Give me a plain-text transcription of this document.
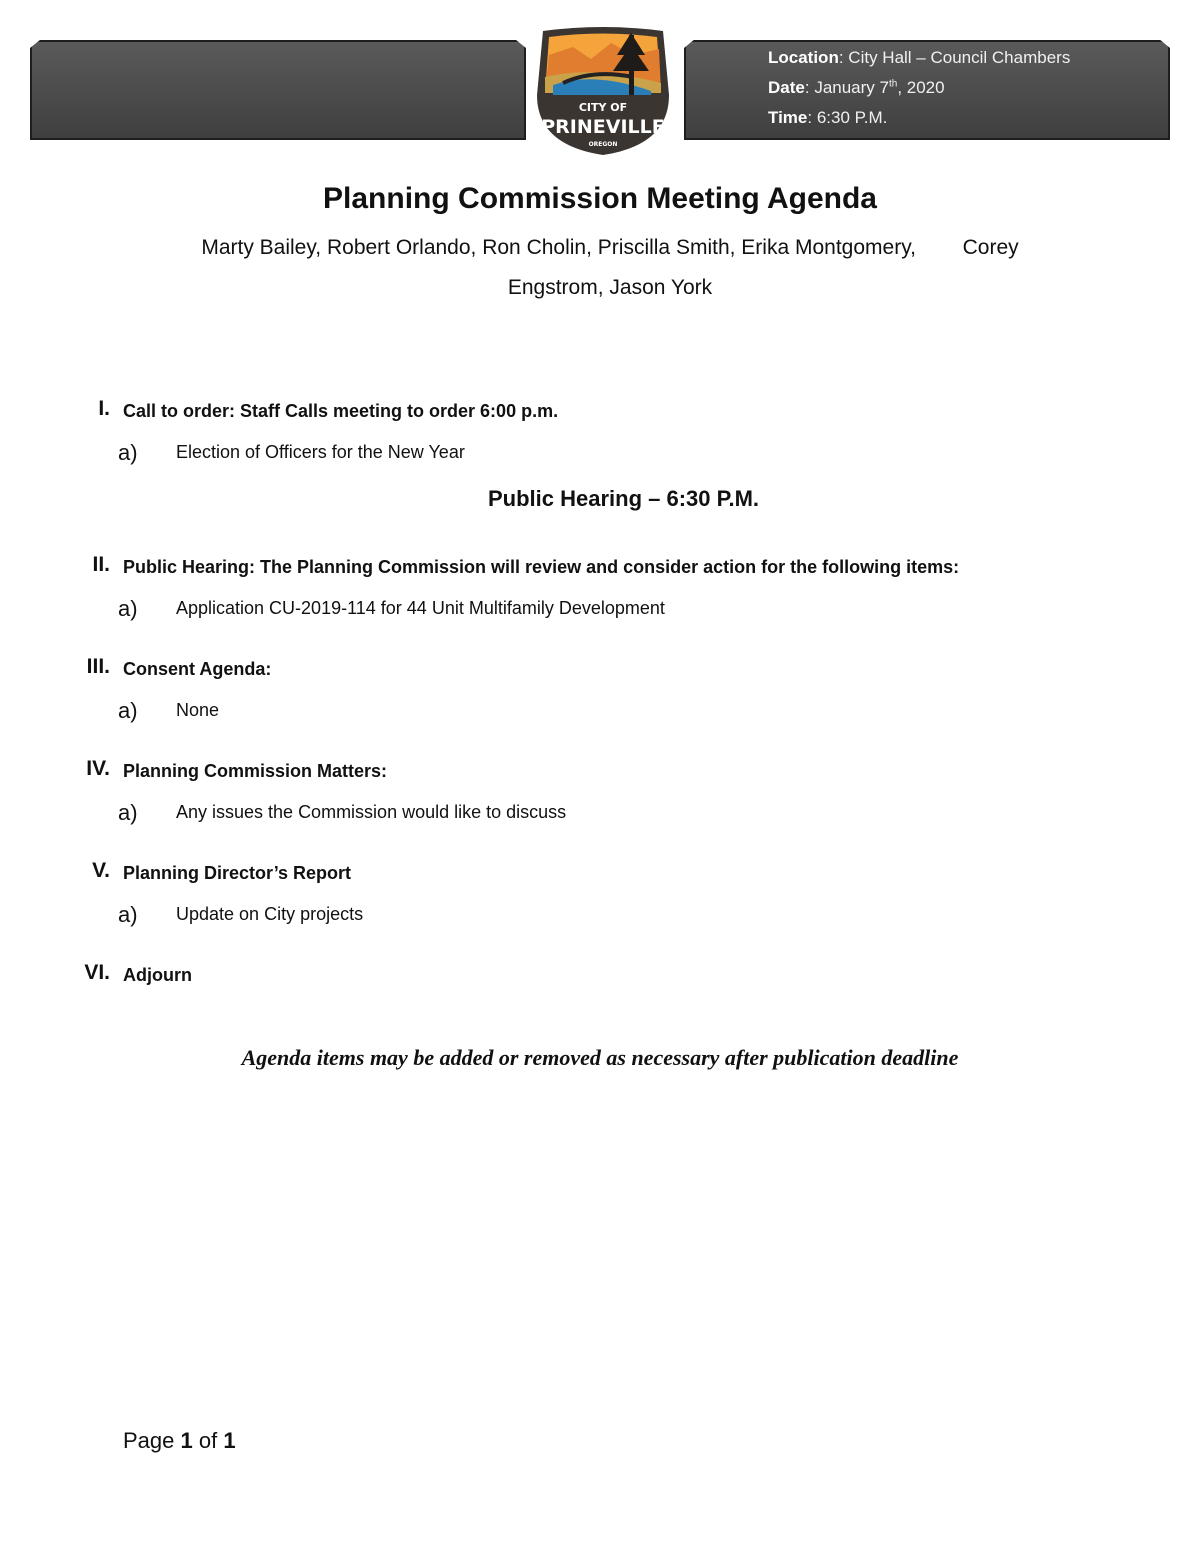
Location: City Hall – Council Chambers
Date: January 7th, 2020
Time: 6:30 P.M.
CITY OF
PRINEVILLE
OREGON
Planning Commission Meeting Agenda
Marty Bailey, Robert Orlando, Ron Cholin, Priscilla Smith, Erika Montgomery,        Corey
Engstrom, Jason York
I. Call to order: Staff Calls meeting to order 6:00 p.m.
a) Election of Officers for the New Year
Public Hearing – 6:30 P.M.
II. Public Hearing: The Planning Commission will review and consider action for the following items:
a) Application CU-2019-114 for 44 Unit Multifamily Development
III. Consent Agenda:
a) None
IV. Planning Commission Matters:
a) Any issues the Commission would like to discuss
V. Planning Director’s Report
a) Update on City projects
VI. Adjourn
Agenda items may be added or removed as necessary after publication deadline
Page 1 of 1
